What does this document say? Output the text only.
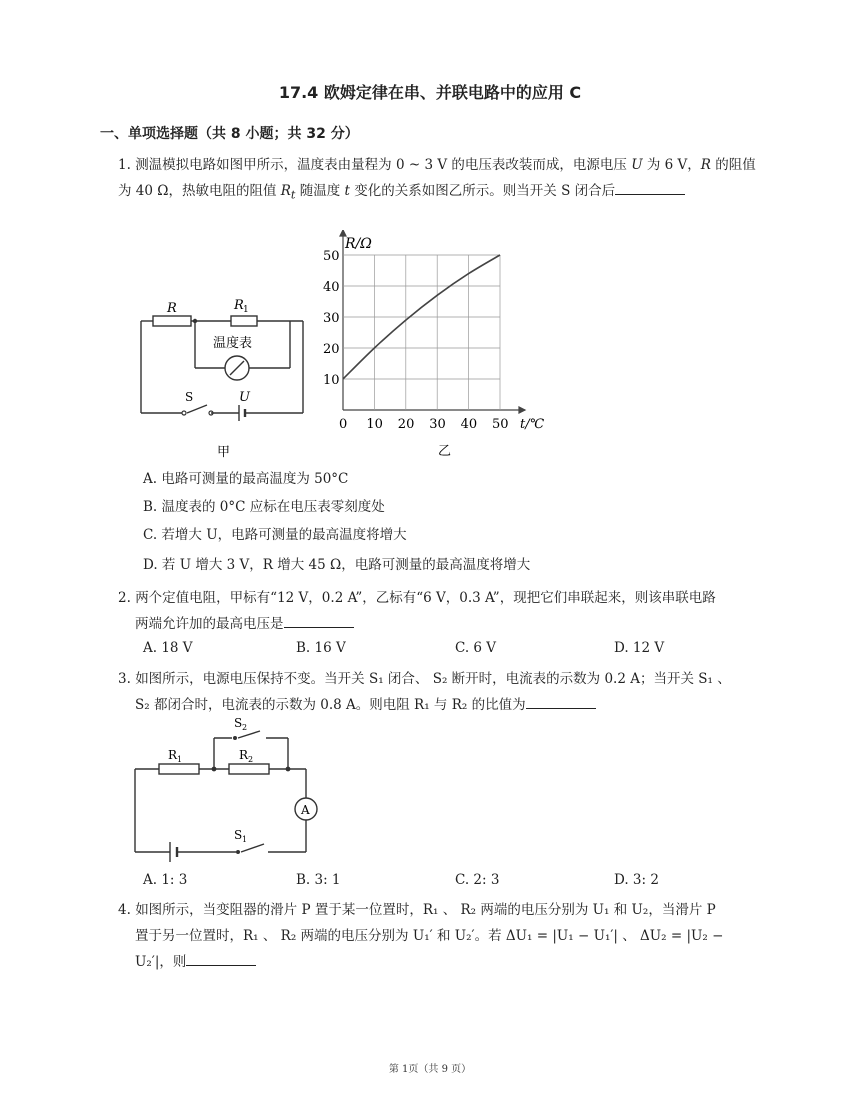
17.4 欧姆定律在串、并联电路中的应用 C
一、单项选择题（共 8 小题；共 32 分）
1. 测温模拟电路如图甲所示，温度表由量程为 0 ~ 3 V 的电压表改装而成，电源电压 U 为 6 V，R 的阻值为 40 Ω，热敏电阻的阻值 $R_t$ 随温度 t 变化的关系如图乙所示。则当开关 S 闭合后
R	R 1
温度表
S	U
甲
10
20
30
40
50
0 10 20 30 40 50
R/Ω
t/℃
乙
A. 电路可测量的最高温度为 50°C
B. 温度表的 0°C 应标在电压表零刻度处
C. 若增大 U，电路可测量的最高温度将增大
D. 若 U 增大 3 V，R 增大 45 Ω，电路可测量的最高温度将增大
2. 两个定值电阻，甲标有“12 V，0.2 A”，乙标有“6 V，0.3 A”，现把它们串联起来，则该串联电路
两端允许加的最高电压是
A. 18 V	B. 16 V	C. 6 V	D. 12 V
3. 如图所示，电源电压保持不变。当开关 S₁ 闭合、 S₂ 断开时，电流表的示数为 0.2 A；当开关 S₁ 、
S₂ 都闭合时，电流表的示数为 0.8 A。则电阻 R₁ 与 R₂ 的比值为
R 1	R 2
S 2
S 1
A
A. 1: 3	B. 3: 1	C. 2: 3	D. 3: 2
4. 如图所示，当变阻器的滑片 P 置于某一位置时，R₁ 、 R₂ 两端的电压分别为 U₁ 和 U₂，当滑片 P
置于另一位置时，R₁ 、 R₂ 两端的电压分别为 U₁′ 和 U₂′。若 ΔU₁ = |U₁ − U₁′| 、 ΔU₂ = |U₂ −
U₂′|，则
第 1页（共 9 页）
